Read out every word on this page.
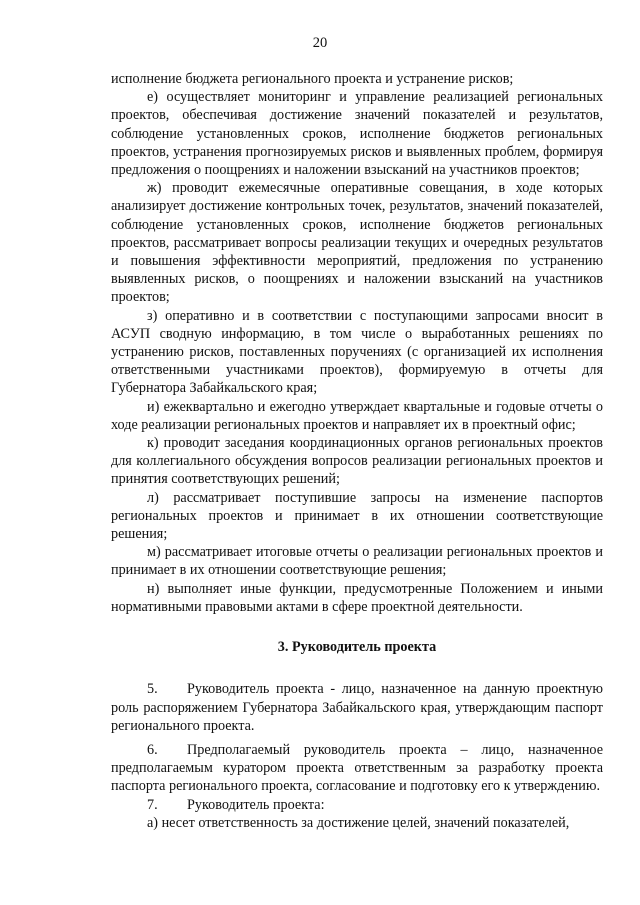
20

исполнение бюджета регионального проекта и устранение рисков;

е) осуществляет мониторинг и управление реализацией региональных проектов, обеспечивая достижение значений показателей и результатов, соблюдение установленных сроков, исполнение бюджетов региональных проектов, устранения прогнозируемых рисков и выявленных проблем, формируя предложения о поощрениях и наложении взысканий на участников проектов;

ж) проводит ежемесячные оперативные совещания, в ходе которых анализирует достижение контрольных точек, результатов, значений показателей, соблюдение установленных сроков, исполнение бюджетов региональных проектов, рассматривает вопросы реализации текущих и очередных результатов и повышения эффективности мероприятий, предложения по устранению выявленных рисков, о поощрениях и наложении взысканий на участников проектов;

з) оперативно и в соответствии с поступающими запросами вносит в АСУП сводную информацию, в том числе о выработанных решениях по устранению рисков, поставленных поручениях (с организацией их исполнения ответственными участниками проектов), формируемую в отчеты для Губернатора Забайкальского края;

и) ежеквартально и ежегодно утверждает квартальные и годовые отчеты о ходе реализации региональных проектов и направляет их в проектный офис;

к) проводит заседания координационных органов региональных проектов для коллегиального обсуждения вопросов реализации региональных проектов и принятия соответствующих решений;

л) рассматривает поступившие запросы на изменение паспортов региональных проектов и принимает в их отношении соответствующие решения;

м) рассматривает итоговые отчеты о реализации региональных проектов и принимает в их отношении соответствующие решения;

н) выполняет иные функции, предусмотренные Положением и иными нормативными правовыми актами в сфере проектной деятельности.

3. Руководитель проекта

5. Руководитель проекта - лицо, назначенное на данную проектную роль распоряжением Губернатора Забайкальского края, утверждающим паспорт регионального проекта.

6. Предполагаемый руководитель проекта – лицо, назначенное предполагаемым куратором проекта ответственным за разработку проекта паспорта регионального проекта, согласование и подготовку его к утверждению.

7. Руководитель проекта:

а) несет ответственность за достижение целей, значений показателей,
